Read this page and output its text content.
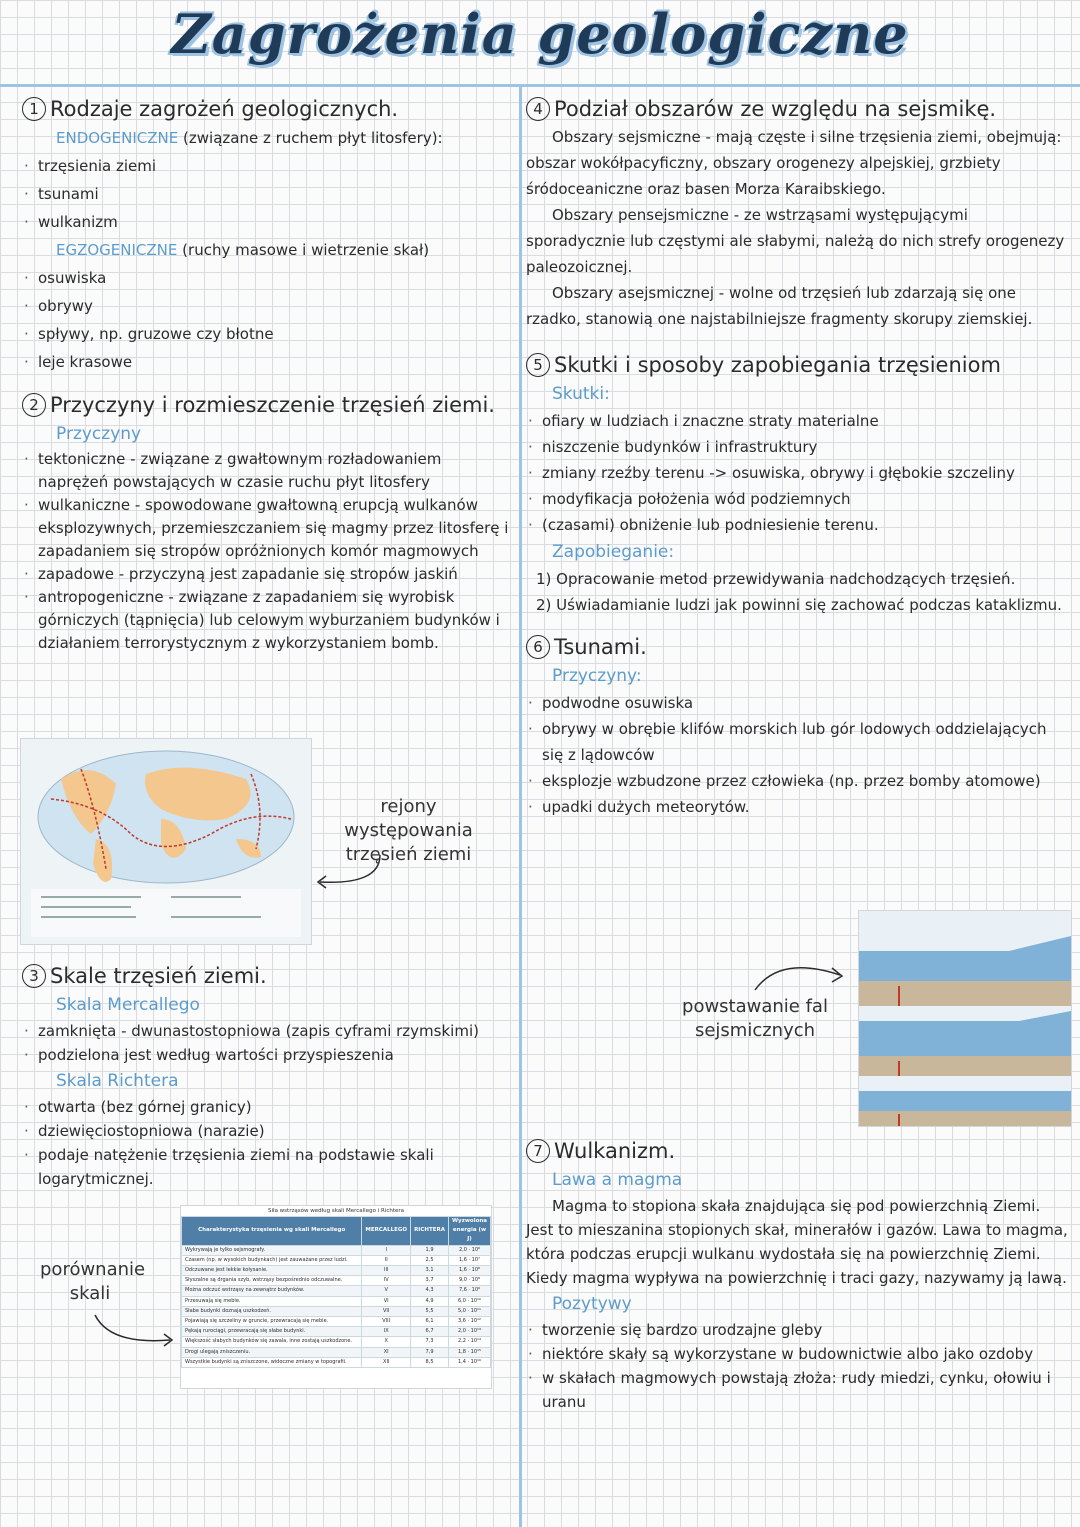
Zagrożenia geologiczne
1 Rodzaje zagrożeń geologicznych.

ENDOGENICZNE (związane z ruchem płyt litosfery):

· trzęsienia ziemi

· tsunami

· wulkanizm

EGZOGENICZNE (ruchy masowe i wietrzenie skał)

· osuwiska

· obrywy

· spływy, np. gruzowe czy błotne

· leje krasowe

2 Przyczyny i rozmieszczenie trzęsień ziemi.

Przyczyny

· tektoniczne - związane z gwałtownym rozładowaniem naprężeń powstających w czasie ruchu płyt litosfery

· wulkaniczne - spowodowane gwałtowną erupcją wulkanów eksplozywnych, przemieszczaniem się magmy przez litosferę i zapadaniem się stropów opróżnionych komór magmowych

· zapadowe - przyczyną jest zapadanie się stropów jaskiń

· antropogeniczne - związane z zapadaniem się wyrobisk górniczych (tąpnięcia) lub celowym wyburzaniem budynków i działaniem terrorystycznym z wykorzystaniem bomb.

rejony występowania trzęsień ziemi
3 Skale trzęsień ziemi.

Skala Mercallego

· zamknięta - dwunastostopniowa (zapis cyframi rzymskimi)

· podzielona jest według wartości przyspieszenia

Skala Richtera

· otwarta (bez górnej granicy)

· dziewięciostopniowa (narazie)

· podaje natężenie trzęsienia ziemi na podstawie skali logarytmicznej.

porównanie skali
Siła wstrząsów według skali Mercallego i Richtera
Charakterystyka trzęsienia wg skali Mercallego	MERCALLEGO	RICHTERA	Wyzwolona energia (w J)
Wykrywają je tylko sejsmografy.	I	1,9	2,0 · 10⁶
Czasem (np. w wysokich budynkach) jest zauważane przez ludzi.	II	2,5	1,6 · 10⁷
Odczuwane jest lekkie kołysanie.	III	3,1	1,6 · 10⁸
Słyszalne są drgania szyb, wstrząsy bezpośrednio odczuwalne.	IV	3,7	9,0 · 10⁸
Można odczuć wstrząsy na zewnątrz budynków.	V	4,3	7,6 · 10⁹
Przesuwają się meble.	VI	4,9	6,0 · 10¹⁰
Słabe budynki doznają uszkodzeń.	VII	5,5	5,0 · 10¹¹
Pojawiają się szczeliny w gruncie, przewracają się meble.	VIII	6,1	3,6 · 10¹²
Pękają rurociągi, przewracają się słabe budynki.	IX	6,7	2,0 · 10¹³
Większość słabych budynków się zawala, inne zostają uszkodzone.	X	7,3	2,2 · 10¹⁴
Drogi ulegają zniszczeniu.	XI	7,9	1,8 · 10¹⁵
Wszystkie budynki są zniszczone, widoczne zmiany w topografii.	XII	8,5	1,4 · 10¹⁶
4 Podział obszarów ze względu na sejsmikę.

Obszary sejsmiczne - mają częste i silne trzęsienia ziemi, obejmują: obszar wokółpacyficzny, obszary orogenezy alpejskiej, grzbiety śródoceaniczne oraz basen Morza Karaibskiego.

Obszary pensejsmiczne - ze wstrząsami występującymi sporadycznie lub częstymi ale słabymi, należą do nich strefy orogenezy paleozoicznej.

Obszary asejsmicznej - wolne od trzęsień lub zdarzają się one rzadko, stanowią one najstabilniejsze fragmenty skorupy ziemskiej.

5 Skutki i sposoby zapobiegania trzęsieniom

Skutki:

· ofiary w ludziach i znaczne straty materialne

· niszczenie budynków i infrastruktury

· zmiany rzeźby terenu -> osuwiska, obrywy i głębokie szczeliny

· modyfikacja położenia wód podziemnych

· (czasami) obniżenie lub podniesienie terenu.

Zapobieganie:

1) Opracowanie metod przewidywania nadchodzących trzęsień.

2) Uświadamianie ludzi jak powinni się zachować podczas kataklizmu.

6 Tsunami.

Przyczyny:

· podwodne osuwiska

· obrywy w obrębie klifów morskich lub gór lodowych oddzielających się z lądowców

· eksplozje wzbudzone przez człowieka (np. przez bomby atomowe)

· upadki dużych meteorytów.

powstawanie fal sejsmicznych
7 Wulkanizm.

Lawa a magma

Magma to stopiona skała znajdująca się pod powierzchnią Ziemi. Jest to mieszanina stopionych skał, minerałów i gazów. Lawa to magma, która podczas erupcji wulkanu wydostała się na powierzchnię Ziemi. Kiedy magma wypływa na powierzchnię i traci gazy, nazywamy ją lawą.

Pozytywy

· tworzenie się bardzo urodzajne gleby

· niektóre skały są wykorzystane w budownictwie albo jako ozdoby

· w skałach magmowych powstają złoża: rudy miedzi, cynku, ołowiu i uranu
